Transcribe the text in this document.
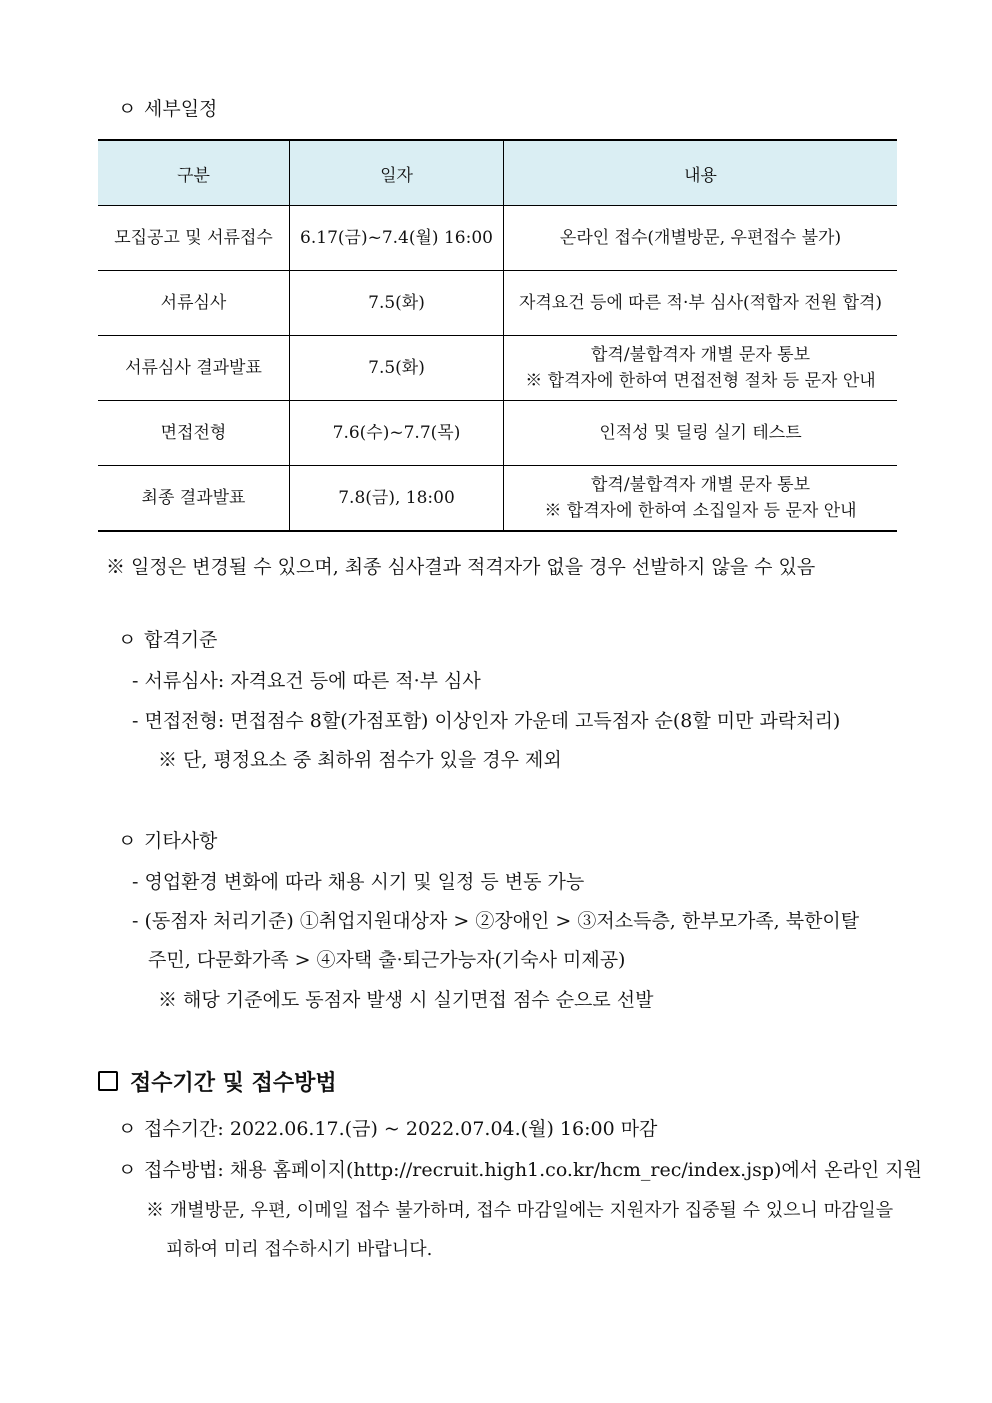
ㅇ 세부일정
구분	일자	내용
모집공고 및 서류접수	6.17(금)~7.4(월) 16:00	온라인 접수(개별방문, 우편접수 불가)

서류심사	7.5(화)	자격요건 등에 따른 적·부 심사(적합자 전원 합격)

서류심사 결과발표	7.5(화)	합격/불합격자 개별 문자 통보
※ 합격자에 한하여 면접전형 절차 등 문자 안내

면접전형	7.6(수)~7.7(목)	인적성 및 딜링 실기 테스트

최종 결과발표	7.8(금), 18:00	합격/불합격자 개별 문자 통보
※ 합격자에 한하여 소집일자 등 문자 안내
※ 일정은 변경될 수 있으며, 최종 심사결과 적격자가 없을 경우 선발하지 않을 수 있음
ㅇ 합격기준
- 서류심사: 자격요건 등에 따른 적·부 심사
- 면접전형: 면접점수 8할(가점포함) 이상인자 가운데 고득점자 순(8할 미만 과락처리)
※ 단, 평정요소 중 최하위 점수가 있을 경우 제외
ㅇ 기타사항
- 영업환경 변화에 따라 채용 시기 및 일정 등 변동 가능
- (동점자 처리기준) ①취업지원대상자 > ②장애인 > ③저소득층, 한부모가족, 북한이탈
주민, 다문화가족 > ④자택 출·퇴근가능자(기숙사 미제공)
※ 해당 기준에도 동점자 발생 시 실기면접 점수 순으로 선발
접수기간 및 접수방법
ㅇ 접수기간: 2022.06.17.(금) ~ 2022.07.04.(월) 16:00 마감
ㅇ 접수방법: 채용 홈페이지(http://recruit.high1.co.kr/hcm_rec/index.jsp)에서 온라인 지원
※ 개별방문, 우편, 이메일 접수 불가하며, 접수 마감일에는 지원자가 집중될 수 있으니 마감일을
피하여 미리 접수하시기 바랍니다.
